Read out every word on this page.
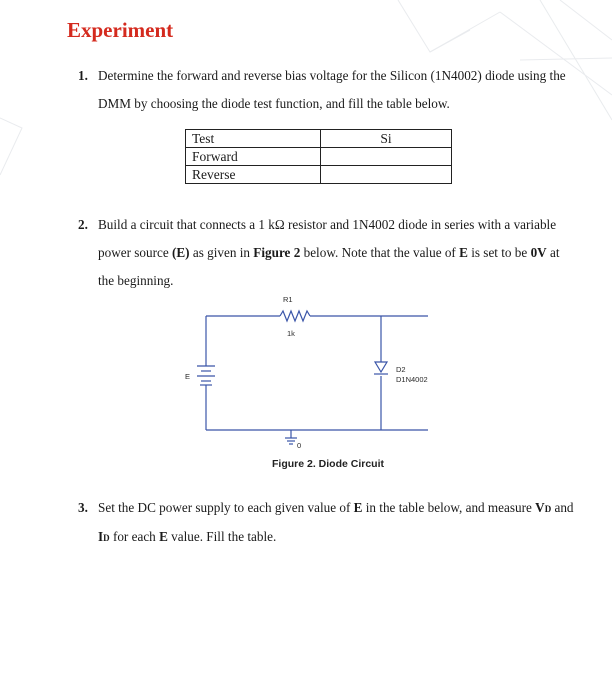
Experiment
1. Determine the forward and reverse bias voltage for the Silicon (1N4002) diode using the DMM by choosing the diode test function, and fill the table below.
Test	Si
Forward	
Reverse	
2. Build a circuit that connects a 1 kΩ resistor and 1N4002 diode in series with a variable power source (E) as given in Figure 2 below. Note that the value of E is set to be 0V at the beginning.
R1
1k
E
D2
D1N4002
0
Figure 2. Diode Circuit
3. Set the DC power supply to each given value of E in the table below, and measure VD and ID for each E value. Fill the table.
